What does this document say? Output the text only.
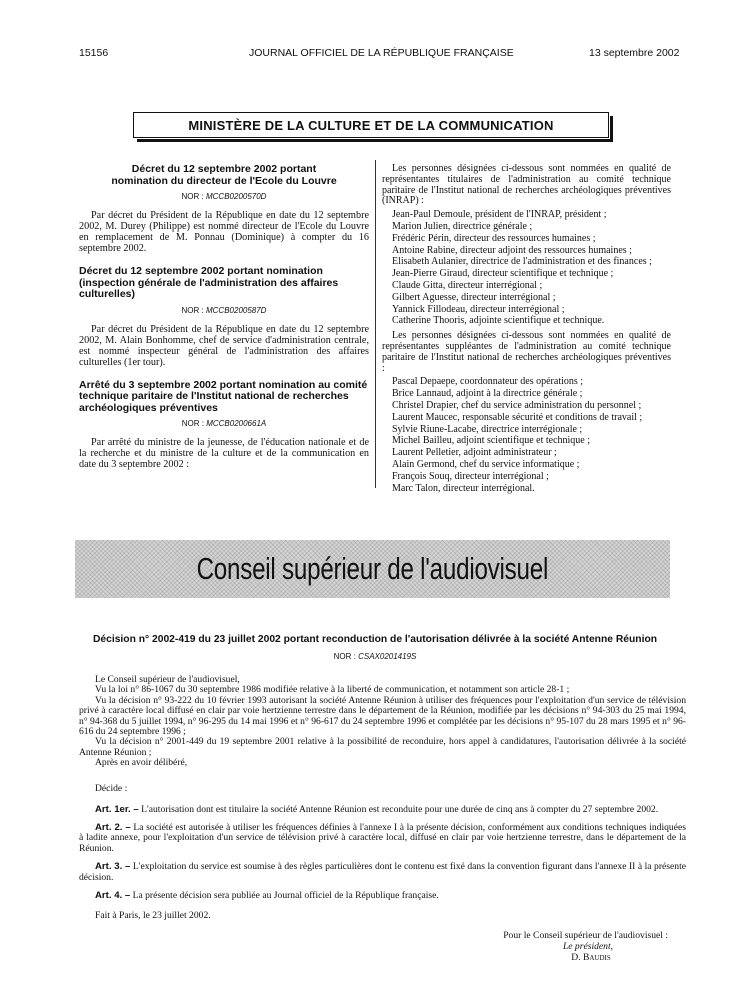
15156	JOURNAL OFFICIEL DE LA RÉPUBLIQUE FRANÇAISE	13 septembre 2002
MINISTÈRE DE LA CULTURE ET DE LA COMMUNICATION
Décret du 12 septembre 2002 portant nomination du directeur de l'Ecole du Louvre
NOR : MCCB0200570D

Par décret du Président de la République en date du 12 septembre 2002, M. Durey (Philippe) est nommé directeur de l'Ecole du Louvre en remplacement de M. Ponnau (Dominique) à compter du 16 septembre 2002.

Décret du 12 septembre 2002 portant nomination (inspection générale de l'administration des affaires culturelles)
NOR : MCCB0200587D

Par décret du Président de la République en date du 12 septembre 2002, M. Alain Bonhomme, chef de service d'administration centrale, est nommé inspecteur général de l'administration des affaires culturelles (1er tour).

Arrêté du 3 septembre 2002 portant nomination au comité technique paritaire de l'Institut national de recherches archéologiques préventives
NOR : MCCB0200661A

Par arrêté du ministre de la jeunesse, de l'éducation nationale et de la recherche et du ministre de la culture et de la communication en date du 3 septembre 2002 :

Les personnes désignées ci-dessous sont nommées en qualité de représentantes titulaires de l'administration au comité technique paritaire de l'Institut national de recherches archéologiques préventives (INRAP) :

Jean-Paul Demoule, président de l'INRAP, président ;
Marion Julien, directrice générale ;
Frédéric Périn, directeur des ressources humaines ;
Antoine Rabine, directeur adjoint des ressources humaines ;
Elisabeth Aulanier, directrice de l'administration et des finances ;
Jean-Pierre Giraud, directeur scientifique et technique ;
Claude Gitta, directeur interrégional ;
Gilbert Aguesse, directeur interrégional ;
Yannick Fillodeau, directeur interrégional ;
Catherine Thooris, adjointe scientifique et technique.

Les personnes désignées ci-dessous sont nommées en qualité de représentantes suppléantes de l'administration au comité technique paritaire de l'Institut national de recherches archéologiques préventives :

Pascal Depaepe, coordonnateur des opérations ;
Brice Lannaud, adjoint à la directrice générale ;
Christel Drapier, chef du service administration du personnel ;
Laurent Maucec, responsable sécurité et conditions de travail ;
Sylvie Riune-Lacabe, directrice interrégionale ;
Michel Bailleu, adjoint scientifique et technique ;
Laurent Pelletier, adjoint administrateur ;
Alain Germond, chef du service informatique ;
François Souq, directeur interrégional ;
Marc Talon, directeur interrégional.
Conseil supérieur de l'audiovisuel
Décision n° 2002-419 du 23 juillet 2002 portant reconduction de l'autorisation délivrée à la société Antenne Réunion
NOR : CSAX0201419S

Le Conseil supérieur de l'audiovisuel,

Vu la loi n° 86-1067 du 30 septembre 1986 modifiée relative à la liberté de communication, et notamment son article 28-1 ;

Vu la décision n° 93-222 du 10 février 1993 autorisant la société Antenne Réunion à utiliser des fréquences pour l'exploitation d'un service de télévision privé à caractère local diffusé en clair par voie hertzienne terrestre dans le département de la Réunion, modifiée par les décisions n° 94-303 du 25 mai 1994, n° 94-368 du 5 juillet 1994, n° 96-295 du 14 mai 1996 et n° 96-617 du 24 septembre 1996 et complétée par les décisions n° 95-107 du 28 mars 1995 et n° 96-616 du 24 septembre 1996 ;

Vu la décision n° 2001-449 du 19 septembre 2001 relative à la possibilité de reconduire, hors appel à candidatures, l'autorisation délivrée à la société Antenne Réunion ;

Après en avoir délibéré,

Décide :

Art. 1er. – L'autorisation dont est titulaire la société Antenne Réunion est reconduite pour une durée de cinq ans à compter du 27 septembre 2002.

Art. 2. – La société est autorisée à utiliser les fréquences définies à l'annexe I à la présente décision, conformément aux conditions techniques indiquées à ladite annexe, pour l'exploitation d'un service de télévision privé à caractère local, diffusé en clair par voie hertzienne terrestre, dans le département de la Réunion.

Art. 3. – L'exploitation du service est soumise à des règles particulières dont le contenu est fixé dans la convention figurant dans l'annexe II à la présente décision.

Art. 4. – La présente décision sera publiée au Journal officiel de la République française.

Fait à Paris, le 23 juillet 2002.
Pour le Conseil supérieur de l'audiovisuel :
Le président,
D. Baudis
